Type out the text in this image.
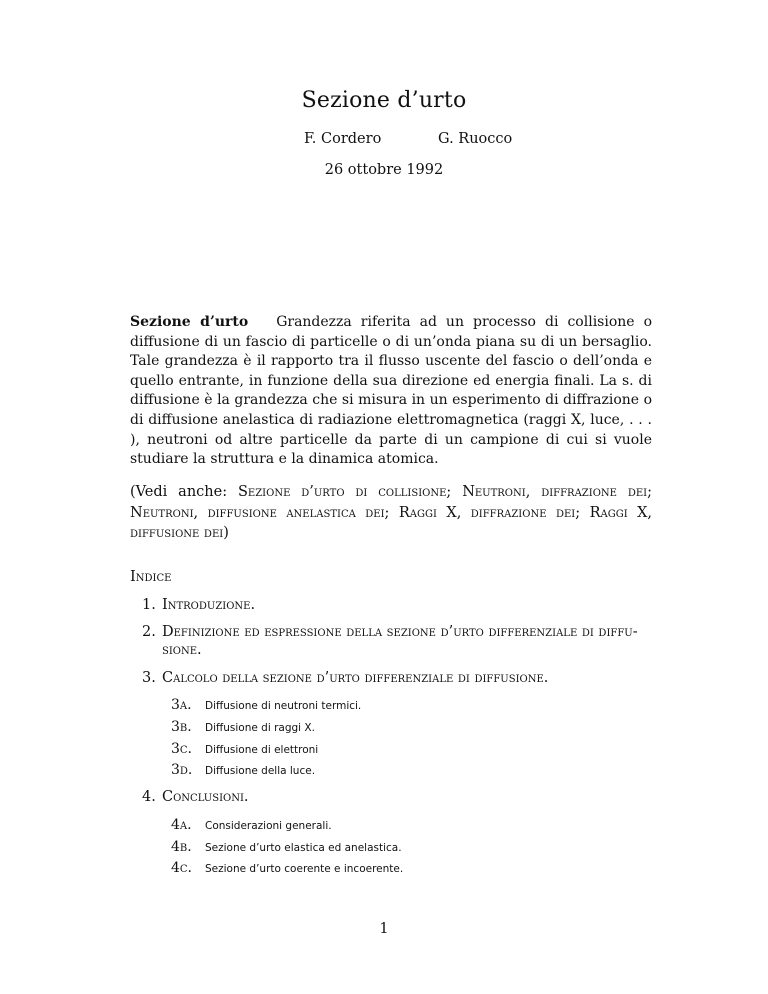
Sezione d’urto
F. Cordero	G. Ruocco
26 ottobre 1992
Sezione d’urto Grandezza riferita ad un processo di collisione o diffusione di un fascio di particelle o di un’onda piana su di un bersaglio. Tale grandezza è il rapporto tra il flusso uscente del fascio o dell’onda e quello entrante, in funzione della sua direzione ed energia finali. La s. di diffusione è la grandezza che si misura in un esperimento di diffrazione o di diffusione anelastica di radiazione elettromagnetica (raggi X, luce, . . . ), neutroni od altre particelle da parte di un campione di cui si vuole studiare la struttura e la dinamica atomica.
(Vedi anche: Sezione d’urto di collisione; Neutroni, diffrazione dei; Neutroni, diffusione anelastica dei; Raggi X, diffrazione dei; Raggi X, diffusione dei)
Indice
1. Introduzione.
2. Definizione ed espressione della sezione d’urto differenziale di diffu-
sione.
3. Calcolo della sezione d’urto differenziale di diffusione.
3a. Diffusione di neutroni termici.
3b. Diffusione di raggi X.
3c. Diffusione di elettroni
3d. Diffusione della luce.
4. Conclusioni.
4a. Considerazioni generali.
4b. Sezione d’urto elastica ed anelastica.
4c. Sezione d’urto coerente e incoerente.
1
